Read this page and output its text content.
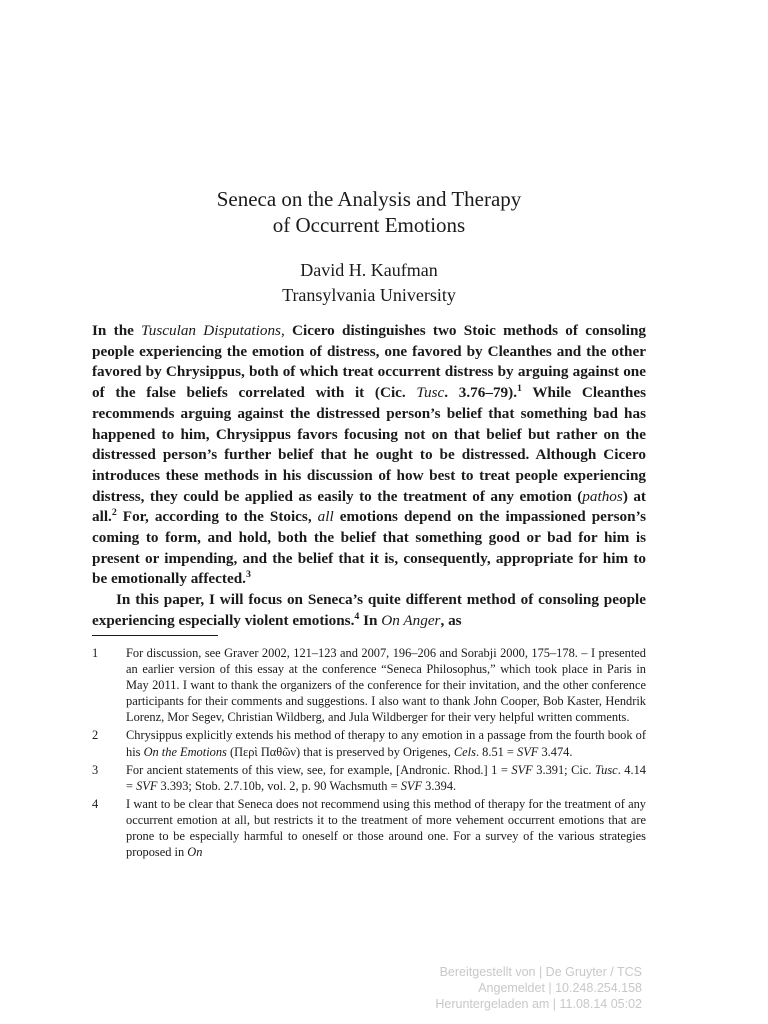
Seneca on the Analysis and Therapy
of Occurrent Emotions
David H. Kaufman
Transylvania University

In the Tusculan Disputations, Cicero distinguishes two Stoic methods of consoling people experiencing the emotion of distress, one favored by Cleanthes and the other favored by Chrysippus, both of which treat occurrent distress by arguing against one of the false beliefs correlated with it (Cic. Tusc. 3.76–79).$^1$ While Cleanthes recommends arguing against the distressed person’s belief that something bad has happened to him, Chrysippus favors focusing not on that belief but rather on the distressed person’s further belief that he ought to be distressed. Although Cicero introduces these methods in his discussion of how best to treat people experiencing distress, they could be applied as easily to the treatment of any emotion (pathos) at all.$^2$ For, according to the Stoics, all emotions depend on the impassioned person’s coming to form, and hold, both the belief that something good or bad for him is present or impending, and the belief that it is, consequently, appropriate for him to be emotionally affected.$^3$

In this paper, I will focus on Seneca’s quite different method of consoling people experiencing especially violent emotions.$^4$ In On Anger, as

1	For discussion, see Graver 2002, 121–123 and 2007, 196–206 and Sorabji 2000, 175–178. – I presented an earlier version of this essay at the conference “Seneca Philosophus,” which took place in Paris in May 2011. I want to thank the organizers of the conference for their invitation, and the other conference participants for their comments and suggestions. I also want to thank John Cooper, Bob Kaster, Hendrik Lorenz, Mor Segev, Christian Wildberg, and Jula Wildberger for their very helpful written comments.
2	Chrysippus explicitly extends his method of therapy to any emotion in a passage from the fourth book of his On the Emotions (Περὶ Παθῶν) that is preserved by Origenes, Cels. 8.51 = SVF 3.474.
3	For ancient statements of this view, see, for example, [Andronic. Rhod.] 1 = SVF 3.391; Cic. Tusc. 4.14 = SVF 3.393; Stob. 2.7.10b, vol. 2, p. 90 Wachsmuth = SVF 3.394.
4	I want to be clear that Seneca does not recommend using this method of therapy for the treatment of any occurrent emotion at all, but restricts it to the treatment of more vehement occurrent emotions that are prone to be especially harmful to oneself or those around one. For a survey of the various strategies proposed in On
Bereitgestellt von | De Gruyter / TCS
Angemeldet | 10.248.254.158
Heruntergeladen am | 11.08.14 05:02
